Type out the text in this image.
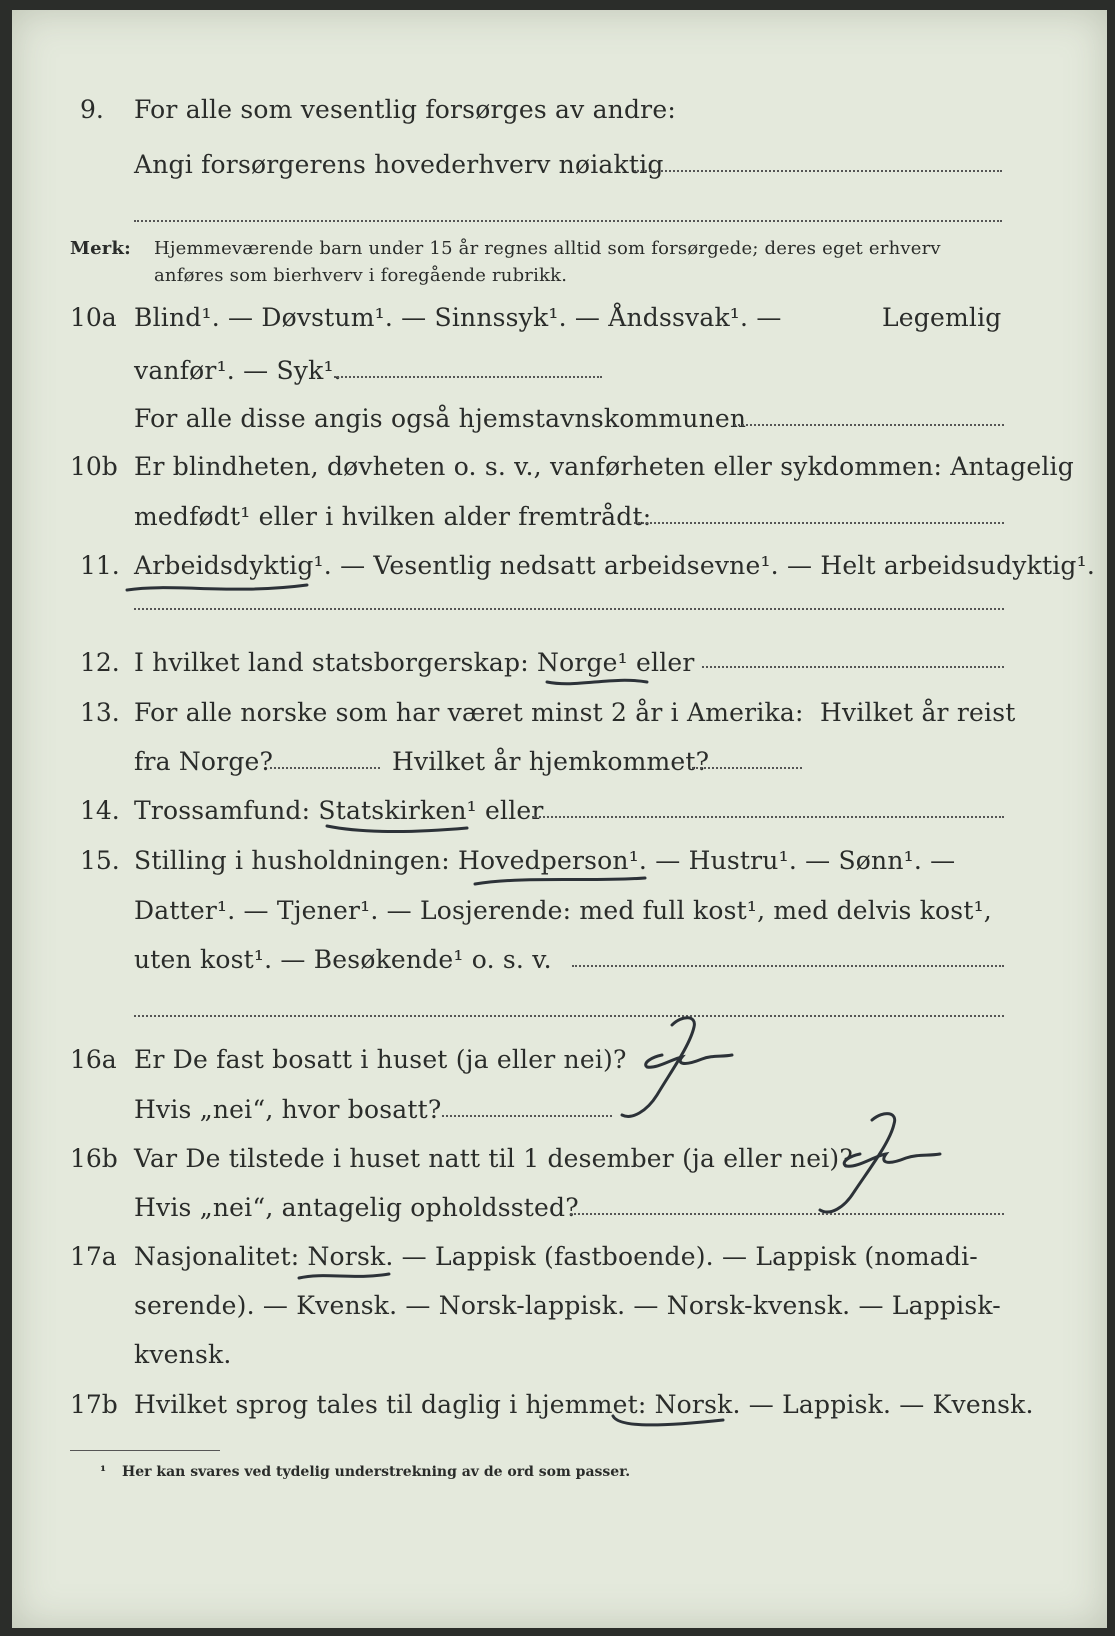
9. For alle som vesentlig forsørges av andre:
Angi forsørgerens hovederhverv nøiaktig
Merk: Hjemmeværende barn under 15 år regnes alltid som forsørgede; deres eget erhverv
anføres som bierhverv i foregående rubrikk.
10a Blind¹. — Døvstum¹. — Sinnssyk¹. — Åndssvak¹. —	Legemlig
vanfør¹. — Syk¹.
For alle disse angis også hjemstavnskommunen
10b Er blindheten, døvheten o. s. v., vanførheten eller sykdommen: Antagelig
medfødt¹ eller i hvilken alder fremtrådt:
11. Arbeidsdyktig¹. — Vesentlig nedsatt arbeidsevne¹. — Helt arbeidsudyktig¹.
12. I hvilket land statsborgerskap: Norge¹ eller
13. For alle norske som har været minst 2 år i Amerika: Hvilket år reist
fra Norge?	Hvilket år hjemkommet?
14. Trossamfund: Statskirken¹ eller
15. Stilling i husholdningen: Hovedperson¹. — Hustru¹. — Sønn¹. —
Datter¹. — Tjener¹. — Losjerende: med full kost¹, med delvis kost¹,
uten kost¹. — Besøkende¹ o. s. v.
16a Er De fast bosatt i huset (ja eller nei)?
Hvis „nei“, hvor bosatt?
16b Var De tilstede i huset natt til 1 desember (ja eller nei)?
Hvis „nei“, antagelig opholdssted?
17a Nasjonalitet: Norsk. — Lappisk (fastboende). — Lappisk (nomadi-
serende). — Kvensk. — Norsk-lappisk. — Norsk-kvensk. — Lappisk-
kvensk.
17b Hvilket sprog tales til daglig i hjemmet: Norsk. — Lappisk. — Kvensk.
¹ Her kan svares ved tydelig understrekning av de ord som passer.
